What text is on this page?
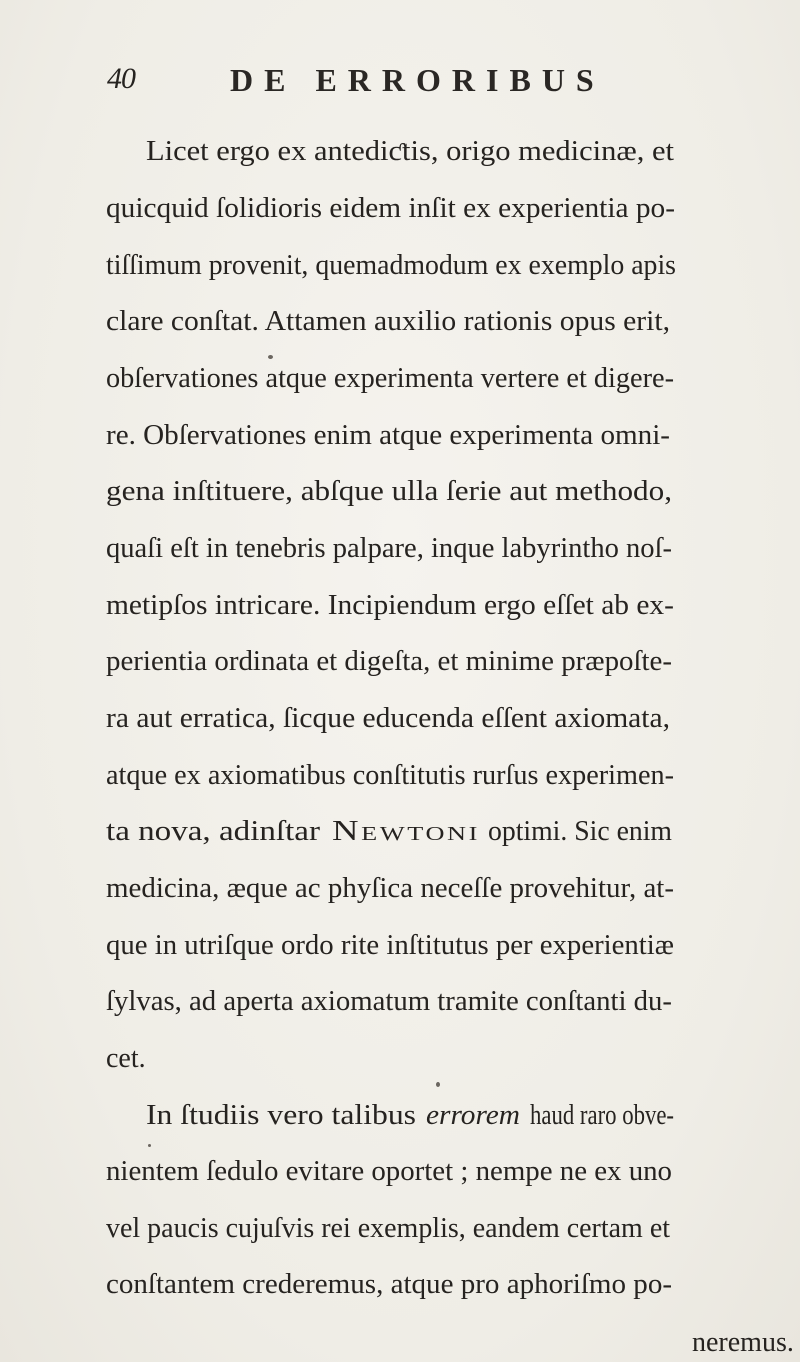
40	DE ERRORIBUS
Licet ergo ex antediƈtis, origo medicinæ, et
quicquid ſolidioris eidem inſit ex experientia po-
tiſſimum provenit, quemadmodum ex exemplo apis
clare conſtat. Attamen auxilio rationis opus erit,
obſervationes atque experimenta vertere et digere-
re. Obſervationes enim atque experimenta omni-
gena inſtituere, abſque ulla ſerie aut methodo,
quaſi eſt in tenebris palpare, inque labyrintho noſ-
metipſos intricare. Incipiendum ergo eſſet ab ex-
perientia ordinata et digeſta, et minime præpoſte-
ra aut erratica, ſicque educenda eſſent axiomata,
atque ex axiomatibus conſtitutis rurſus experimen-
ta nova, adinſtar Newtoni optimi. Sic enim
medicina, æque ac phyſica neceſſe provehitur, at-
que in utriſque ordo rite inſtitutus per experientiæ
ſylvas, ad aperta axiomatum tramite conſtanti du-
cet.
In ſtudiis vero talibus errorem haud raro obve-
nientem ſedulo evitare oportet ; nempe ne ex uno
vel paucis cujuſvis rei exemplis, eandem certam et
conſtantem crederemus, atque pro aphoriſmo po-
neremus.
